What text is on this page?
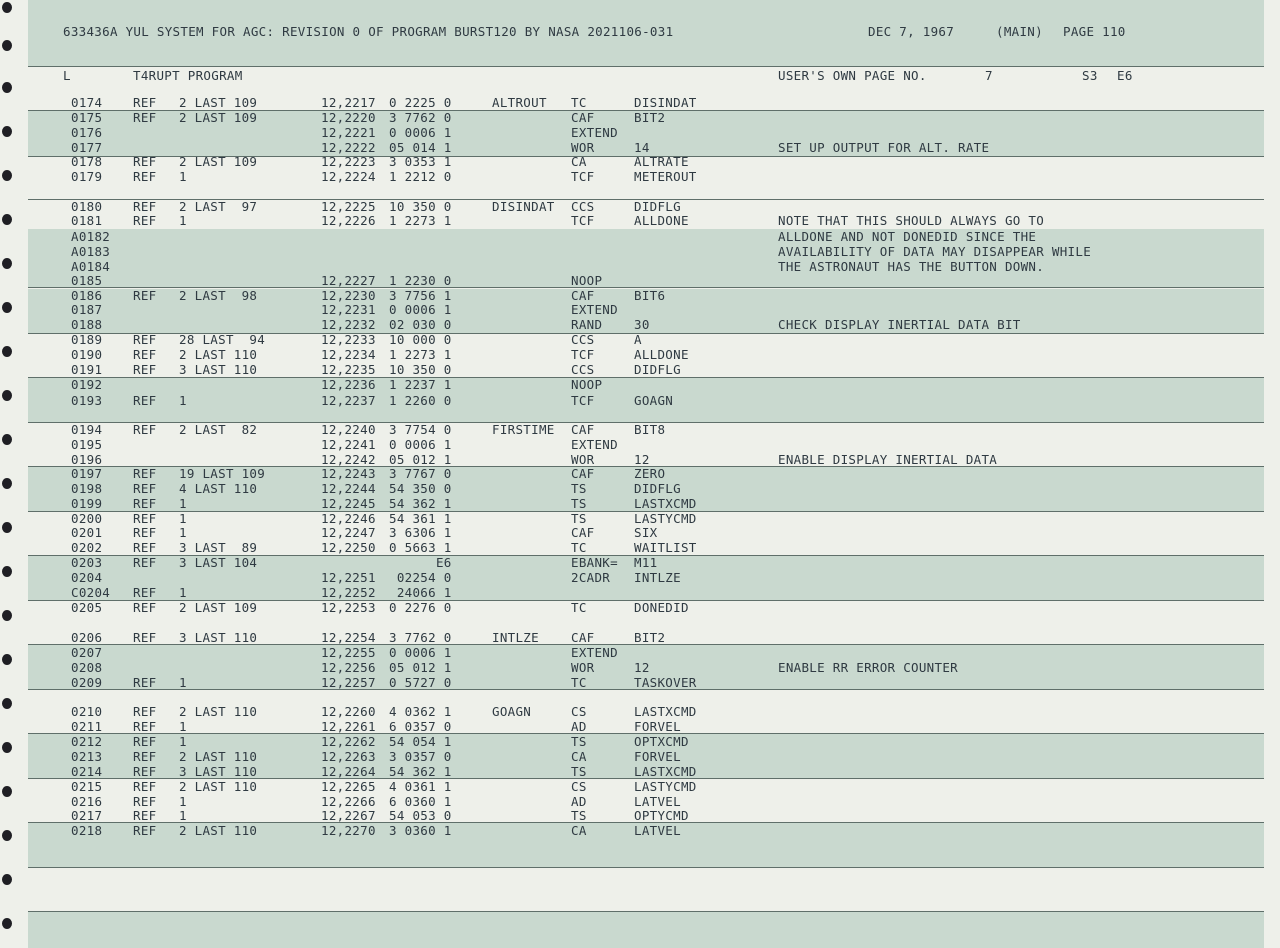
633436A YUL SYSTEM FOR AGC: REVISION 0 OF PROGRAM BURST120 BY NASA 2021106-031	DEC 7, 1967	(MAIN) PAGE 110
L	T4RUPT PROGRAM	USER'S OWN PAGE NO.	7	S3 E6
0174 REF 2 LAST 109	12,2217 0 2225 0	ALTROUT TC	DISINDAT
0175 REF 2 LAST 109	12,2220 3 7762 0	CAF	BIT2
0176	12,2221 0 0006 1	EXTEND
0177	12,2222 05 014 1	WOR	14	SET UP OUTPUT FOR ALT. RATE
0178 REF 2 LAST 109	12,2223 3 0353 1	CA	ALTRATE
0179 REF 1	12,2224 1 2212 0	TCF	METEROUT
0180 REF 2 LAST  97	12,2225 10 350 0	DISINDAT CCS	DIDFLG
0181 REF 1	12,2226 1 2273 1	TCF	ALLDONE	NOTE THAT THIS SHOULD ALWAYS GO TO
A0182	ALLDONE AND NOT DONEDID SINCE THE
A0183	AVAILABILITY OF DATA MAY DISAPPEAR WHILE
A0184	THE ASTRONAUT HAS THE BUTTON DOWN.
0185	12,2227 1 2230 0	NOOP
0186 REF 2 LAST  98	12,2230 3 7756 1	CAF	BIT6
0187	12,2231 0 0006 1	EXTEND
0188	12,2232 02 030 0	RAND	30	CHECK DISPLAY INERTIAL DATA BIT
0189 REF 28 LAST  94	12,2233 10 000 0	CCS	A
0190 REF 2 LAST 110	12,2234 1 2273 1	TCF	ALLDONE
0191 REF 3 LAST 110	12,2235 10 350 0	CCS	DIDFLG
0192	12,2236 1 2237 1	NOOP
0193 REF 1	12,2237 1 2260 0	TCF	GOAGN
0194 REF 2 LAST  82	12,2240 3 7754 0	FIRSTIME CAF	BIT8
0195	12,2241 0 0006 1	EXTEND
0196	12,2242 05 012 1	WOR	12	ENABLE DISPLAY INERTIAL DATA
0197 REF 19 LAST 109	12,2243 3 7767 0	CAF	ZERO
0198 REF 4 LAST 110	12,2244 54 350 0	TS	DIDFLG
0199 REF 1	12,2245 54 362 1	TS	LASTXCMD
0200 REF 1	12,2246 54 361 1	TS	LASTYCMD
0201 REF 1	12,2247 3 6306 1	CAF	SIX
0202 REF 3 LAST  89	12,2250 0 5663 1	TC	WAITLIST
0203 REF 3 LAST 104	E6	EBANK= M11
0204	12,2251 02254 0	2CADR INTLZE
C0204 REF 1	12,2252 24066 1
0205 REF 2 LAST 109	12,2253 0 2276 0	TC	DONEDID
0206 REF 3 LAST 110	12,2254 3 7762 0	INTLZE	CAF	BIT2
0207	12,2255 0 0006 1	EXTEND
0208	12,2256 05 012 1	WOR	12	ENABLE RR ERROR COUNTER
0209 REF 1	12,2257 0 5727 0	TC	TASKOVER
0210 REF 2 LAST 110	12,2260 4 0362 1	GOAGN	CS	LASTXCMD
0211 REF 1	12,2261 6 0357 0	AD	FORVEL
0212 REF 1	12,2262 54 054 1	TS	OPTXCMD
0213 REF 2 LAST 110	12,2263 3 0357 0	CA	FORVEL
0214 REF 3 LAST 110	12,2264 54 362 1	TS	LASTXCMD
0215 REF 2 LAST 110	12,2265 4 0361 1	CS	LASTYCMD
0216 REF 1	12,2266 6 0360 1	AD	LATVEL
0217 REF 1	12,2267 54 053 0	TS	OPTYCMD
0218 REF 2 LAST 110	12,2270 3 0360 1	CA	LATVEL
